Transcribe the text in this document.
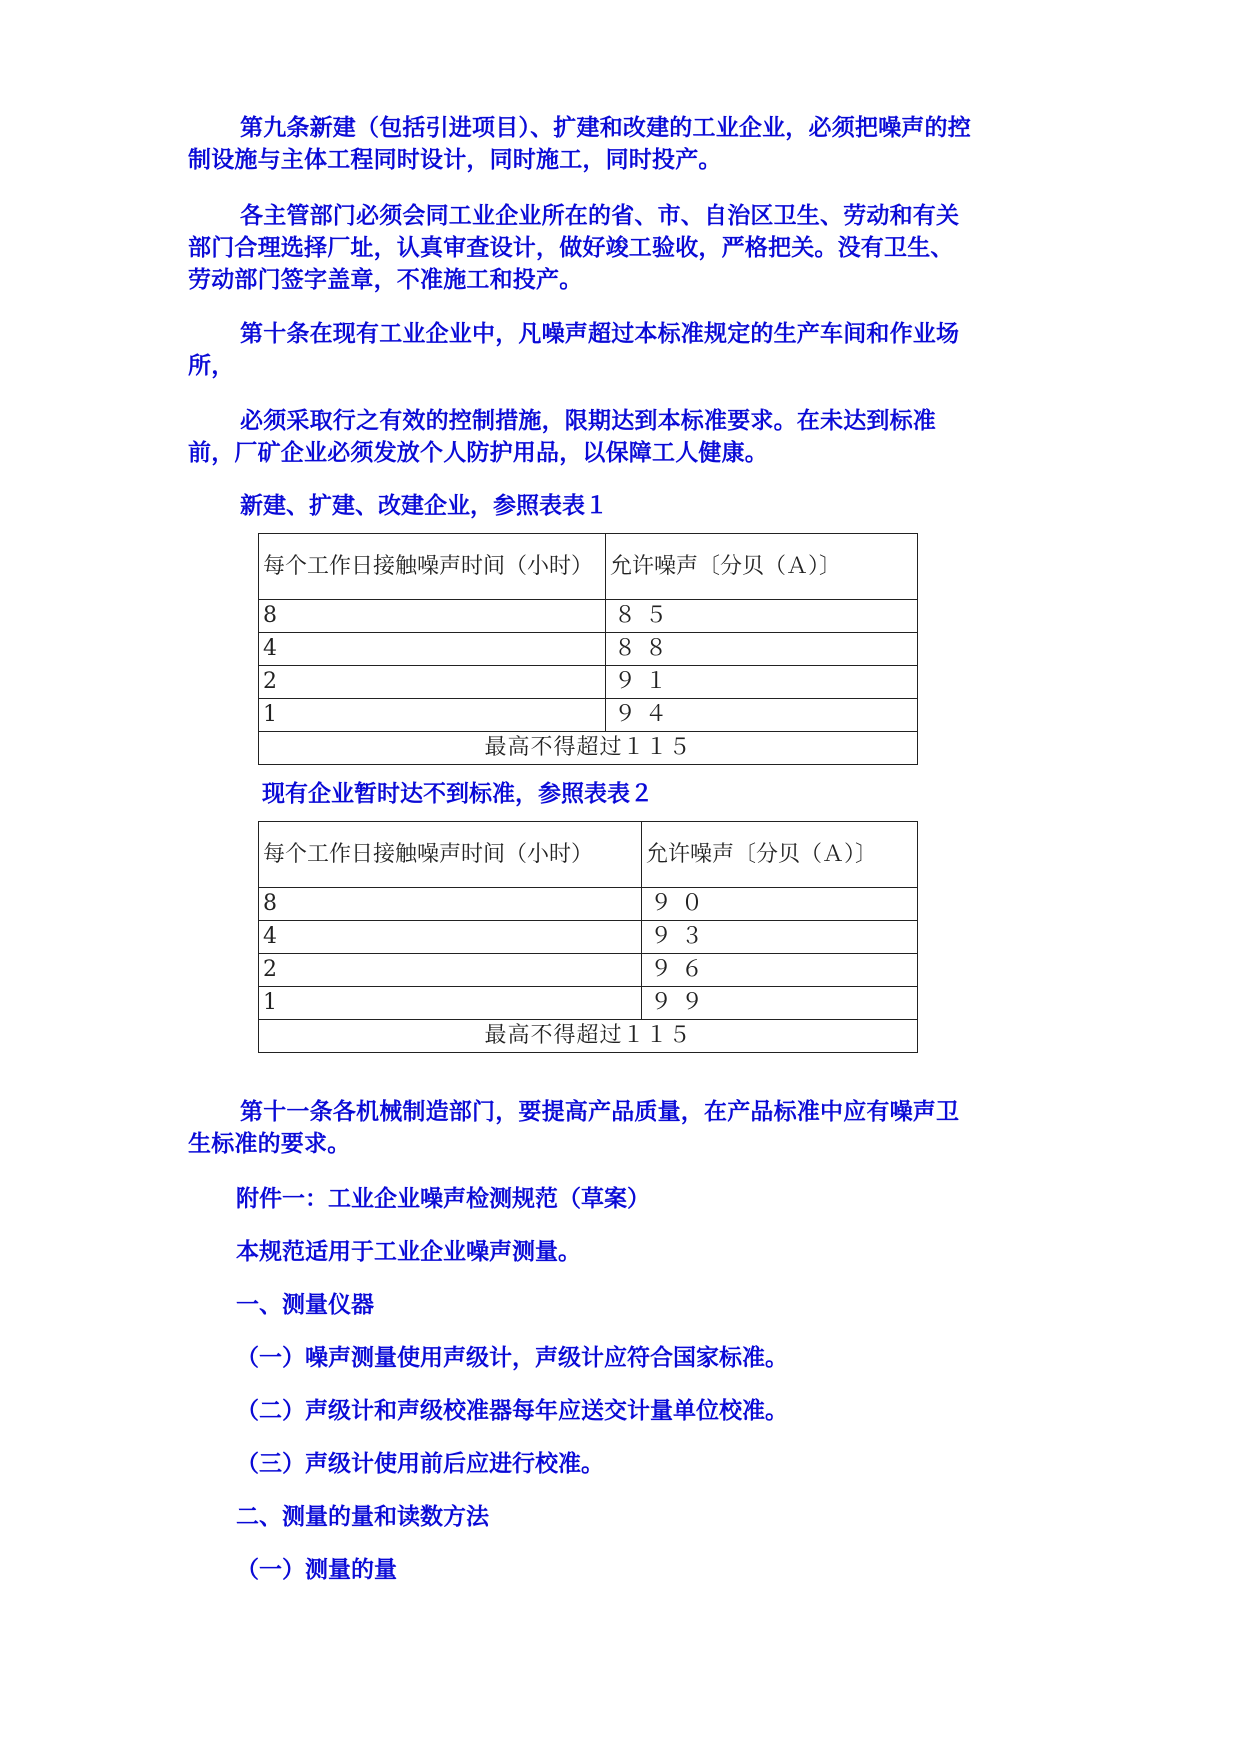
第九条新建（包括引进项目）、扩建和改建的工业企业，必须把噪声的控制设施与主体工程同时设计，同时施工，同时投产。

各主管部门必须会同工业企业所在的省、市、自治区卫生、劳动和有关部门合理选择厂址，认真审查设计，做好竣工验收，严格把关。没有卫生、劳动部门签字盖章，不准施工和投产。

第十条在现有工业企业中，凡噪声超过本标准规定的生产车间和作业场所，

必须采取行之有效的控制措施，限期达到本标准要求。在未达到标准前，厂矿企业必须发放个人防护用品，以保障工人健康。

新建、扩建、改建企业，参照表表１

每个工作日接触噪声时间（小时）	允许噪声〔分贝（Ａ）〕
8	８５
4	８８
2	９１
1	９４
最高不得超过１１５	

现有企业暂时达不到标准，参照表表２

每个工作日接触噪声时间（小时）	允许噪声〔分贝（Ａ）〕
8	９０
4	９３
2	９６
1	９９
最高不得超过１１５	

第十一条各机械制造部门，要提高产品质量，在产品标准中应有噪声卫生标准的要求。

附件一：工业企业噪声检测规范（草案）

本规范适用于工业企业噪声测量。

一、测量仪器

（一）噪声测量使用声级计，声级计应符合国家标准。

（二）声级计和声级校准器每年应送交计量单位校准。

（三）声级计使用前后应进行校准。

二、测量的量和读数方法

（一）测量的量
